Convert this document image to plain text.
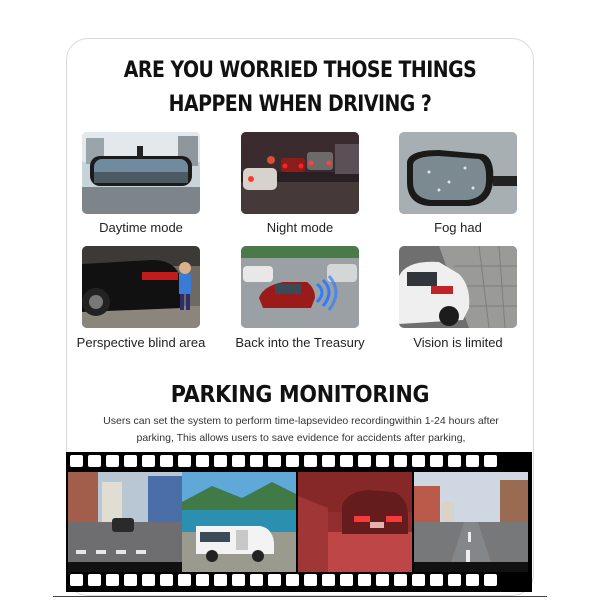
ARE YOU WORRIED THOSE THINGS
HAPPEN WHEN DRIVING ?
Daytime mode	Night mode	Fog had
Perspective blind area	Back into the Treasury	Vision is limited
PARKING MONITORING
Users can set the system to perform time-lapsevideo recordingwithin 1-24 hours after
parking, This allows users to save evidence for accidents after parking,
